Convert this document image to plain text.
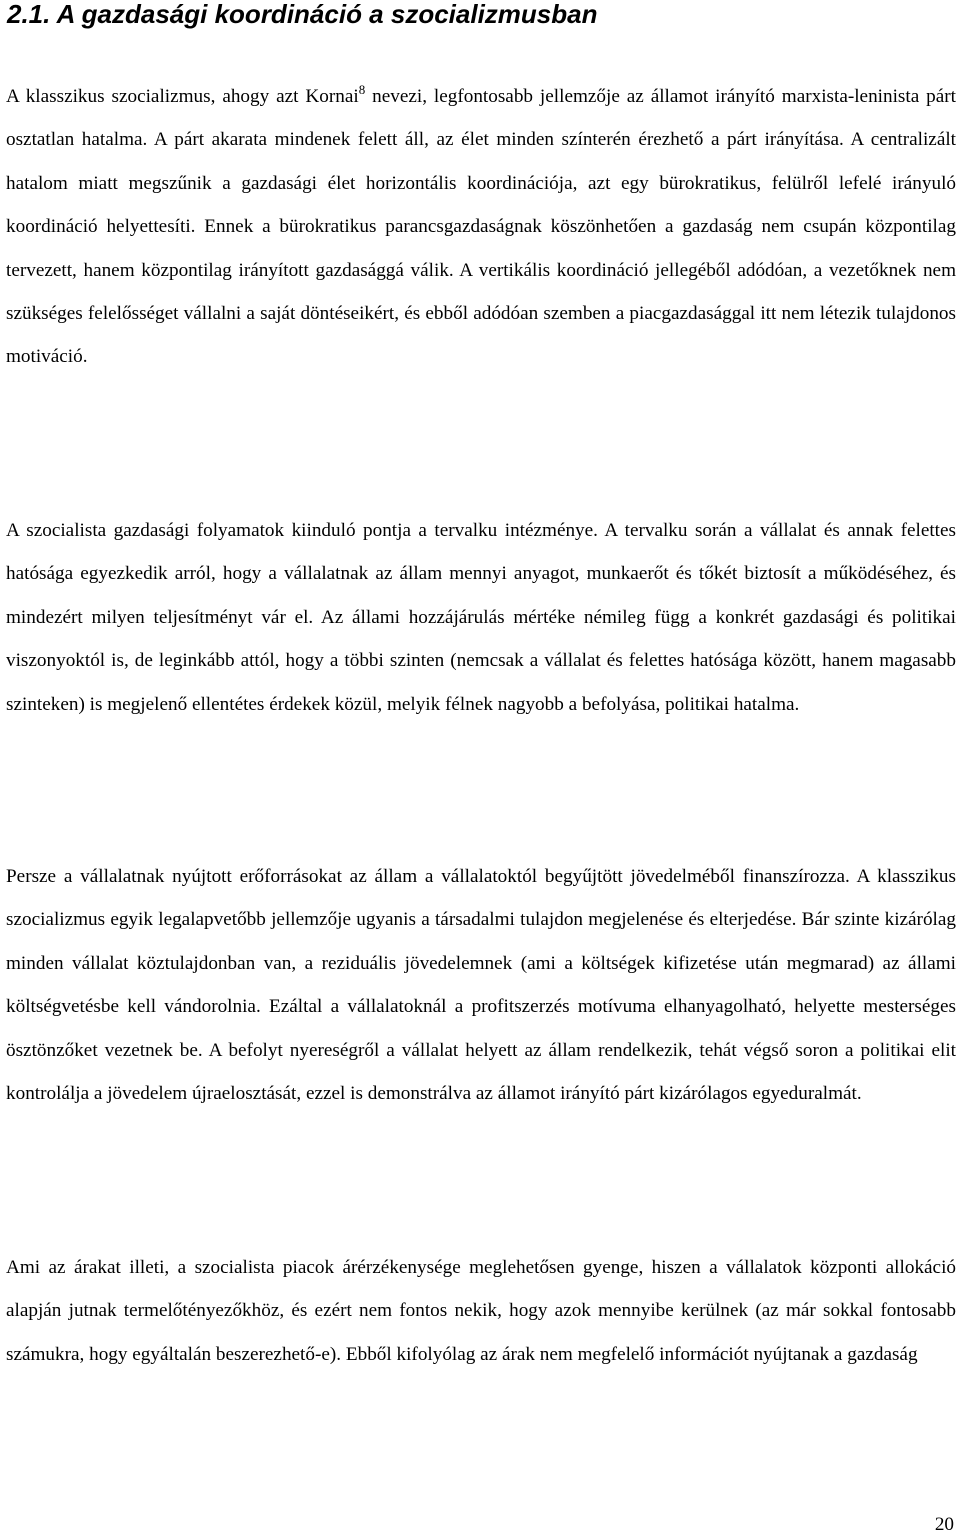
2.1. A gazdasági koordináció a szocializmusban

A klasszikus szocializmus, ahogy azt Kornai$^8$ nevezi, legfontosabb jellemzője az államot irányító marxista-leninista párt osztatlan hatalma. A párt akarata mindenek felett áll, az élet minden színterén érezhető a párt irányítása. A centralizált hatalom miatt megszűnik a gazdasági élet horizontális koordinációja, azt egy bürokratikus, felülről lefelé irányuló koordináció helyettesíti. Ennek a bürokratikus parancsgazdaságnak köszönhetően a gazdaság nem csupán központilag tervezett, hanem központilag irányított gazdasággá válik. A vertikális koordináció jellegéből adódóan, a vezetőknek nem szükséges felelősséget vállalni a saját döntéseikért, és ebből adódóan szemben a piacgazdasággal itt nem létezik tulajdonos motiváció.

A szocialista gazdasági folyamatok kiinduló pontja a tervalku intézménye. A tervalku során a vállalat és annak felettes hatósága egyezkedik arról, hogy a vállalatnak az állam mennyi anyagot, munkaerőt és tőkét biztosít a működéséhez, és mindezért milyen teljesítményt vár el. Az állami hozzájárulás mértéke némileg függ a konkrét gazdasági és politikai viszonyoktól is, de leginkább attól, hogy a többi szinten (nemcsak a vállalat és felettes hatósága között, hanem magasabb szinteken) is megjelenő ellentétes érdekek közül, melyik félnek nagyobb a befolyása, politikai hatalma.

Persze a vállalatnak nyújtott erőforrásokat az állam a vállalatoktól begyűjtött jövedelméből finanszírozza. A klasszikus szocializmus egyik legalapvetőbb jellemzője ugyanis a társadalmi tulajdon megjelenése és elterjedése. Bár szinte kizárólag minden vállalat köztulajdonban van, a reziduális jövedelemnek (ami a költségek kifizetése után megmarad) az állami költségvetésbe kell vándorolnia. Ezáltal a vállalatoknál a profitszerzés motívuma elhanyagolható, helyette mesterséges ösztönzőket vezetnek be. A befolyt nyereségről a vállalat helyett az állam rendelkezik, tehát végső soron a politikai elit kontrolálja a jövedelem újraelosztását, ezzel is demonstrálva az államot irányító párt kizárólagos egyeduralmát.

Ami az árakat illeti, a szocialista piacok árérzékenysége meglehetősen gyenge, hiszen a vállalatok központi allokáció alapján jutnak termelőtényezőkhöz, és ezért nem fontos nekik, hogy azok mennyibe kerülnek (az már sokkal fontosabb számukra, hogy egyáltalán beszerezhető-e). Ebből kifolyólag az árak nem megfelelő információt nyújtanak a gazdaság

20
